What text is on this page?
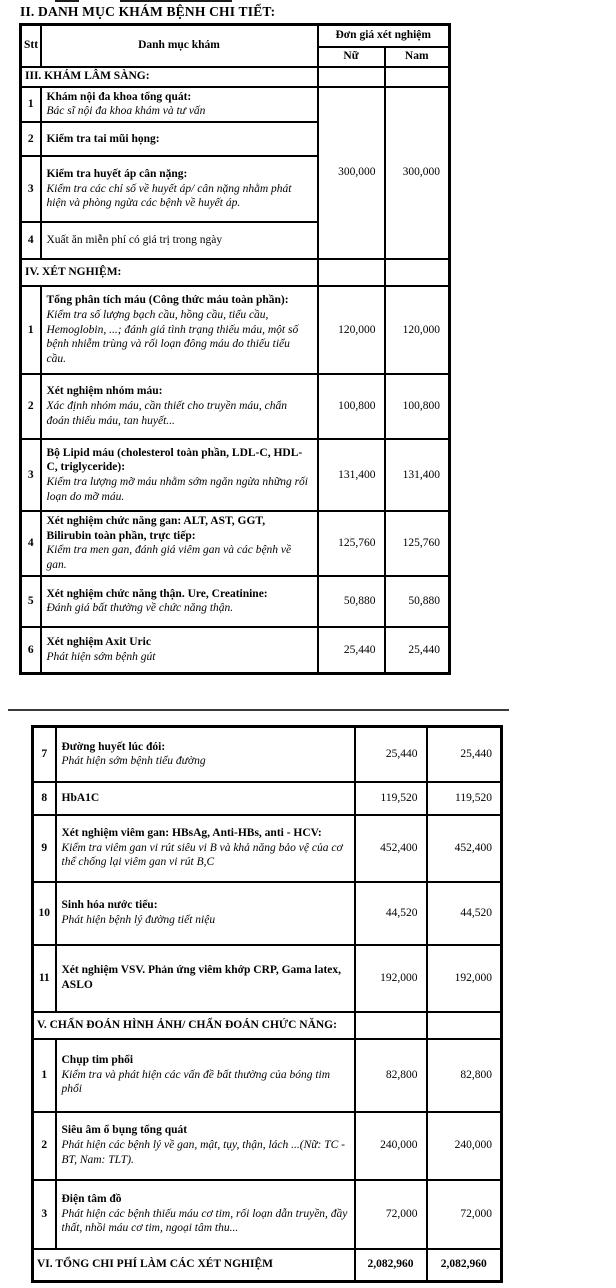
II. DANH MỤC KHÁM BỆNH CHI TIẾT:
Stt	Danh mục khám	Đơn giá xét nghiệm	
		Nữ	Nam
III. KHÁM LÂM SÀNG:			
1	Khám nội đa khoa tổng quát:
Bác sĩ nội đa khoa khám và tư vấn	300,000	300,000
2	Kiểm tra tai mũi họng:		

3	Kiểm tra huyết áp cân nặng:
Kiểm tra các chỉ số về huyết áp/ cân nặng nhằm phát hiện và phòng ngừa các bệnh về huyết áp.		

4	Xuất ăn miễn phí có giá trị trong ngày		

IV. XÉT NGHIỆM:			
1	Tổng phân tích máu (Công thức máu toàn phần):
Kiểm tra số lượng bạch cầu, hồng cầu, tiểu cầu, Hemoglobin, ...; đánh giá tình trạng thiếu máu, một số bệnh nhiễm trùng và rối loạn đông máu do thiếu tiểu cầu.	120,000	120,000
2	Xét nghiệm nhóm máu:
Xác định nhóm máu, cần thiết cho truyền máu, chẩn đoán thiếu máu, tan huyết...	100,800	100,800
3	Bộ Lipid máu (cholesterol toàn phần, LDL-C, HDL-C, triglyceride):
Kiểm tra lượng mỡ máu nhằm sớm ngăn ngừa những rối loạn do mỡ máu.	131,400	131,400
4	Xét nghiệm chức năng gan: ALT, AST, GGT, Bilirubin toàn phần, trực tiếp:
Kiểm tra men gan, đánh giá viêm gan và các bệnh về gan.	125,760	125,760
5	Xét nghiệm chức năng thận. Ure, Creatinine:
Đánh giá bất thường về chức năng thận.	50,880	50,880
6	Xét nghiệm Axit Uric
Phát hiện sớm bệnh gút	25,440	25,440
7	Đường huyết lúc đói:
Phát hiện sớm bệnh tiểu đường	25,440	25,440
8	HbA1C	119,520	119,520
9	Xét nghiệm viêm gan: HBsAg, Anti-HBs, anti - HCV:
Kiểm tra viêm gan vi rút siêu vi B và khả năng bảo vệ của cơ thể chống lại viêm gan vi rút B,C	452,400	452,400
10	Sinh hóa nước tiểu:
Phát hiện bệnh lý đường tiết niệu	44,520	44,520
11	Xét nghiệm VSV. Phản ứng viêm khớp CRP, Gama latex, ASLO	192,000	192,000
V. CHẨN ĐOÁN HÌNH ẢNH/ CHẨN ĐOÁN CHỨC NĂNG:			
1	Chụp tim phổi
Kiểm tra và phát hiện các vấn đề bất thường của bóng tim phổi	82,800	82,800
2	Siêu âm ổ bụng tổng quát
Phát hiện các bệnh lý về gan, mật, tụy, thận, lách ...(Nữ: TC -BT, Nam: TLT).	240,000	240,000
3	Điện tâm đồ
Phát hiện các bệnh thiếu máu cơ tim, rối loạn dẫn truyền, đầy thất, nhồi máu cơ tim, ngoại tâm thu...	72,000	72,000
VI. TỔNG CHI PHÍ LÀM CÁC XÉT NGHIỆM		2,082,960	2,082,960
